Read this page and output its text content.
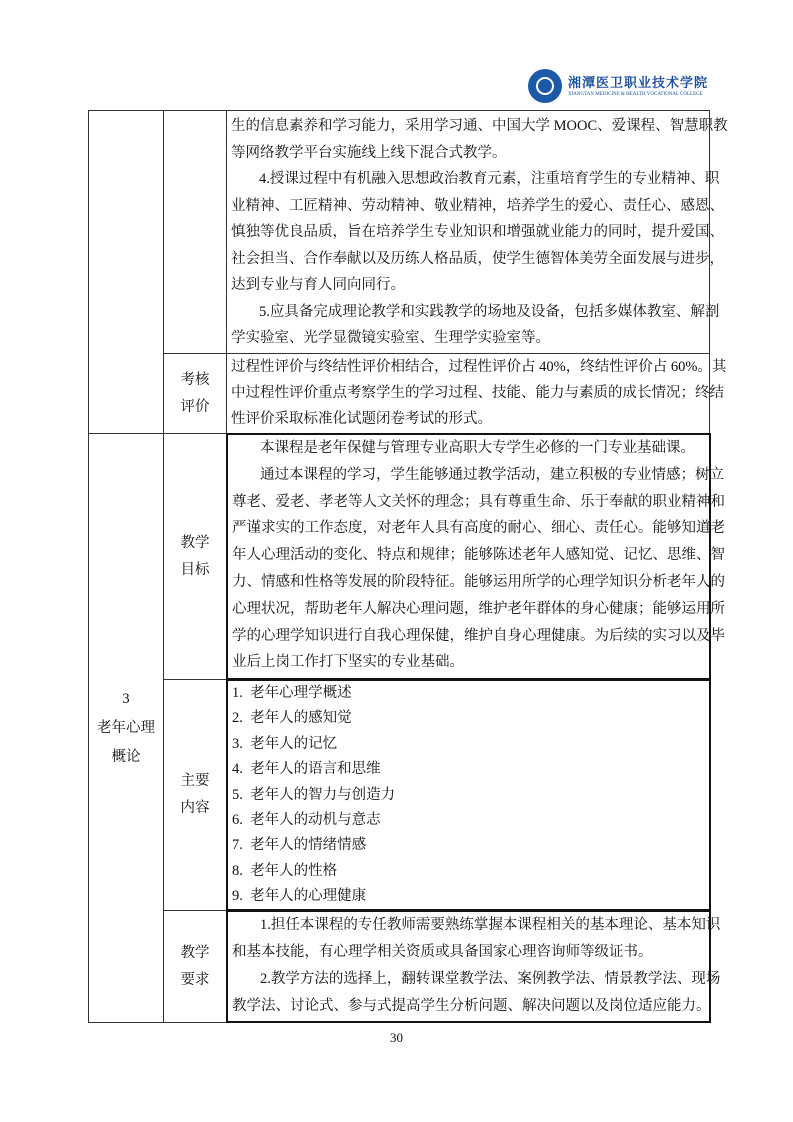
湘潭医卫职业技术学院
XIANGTAN MEDICINE & HEALTH VOCATIONAL COLLEGE
生的信息素养和学习能力，采用学习通、中国大学 MOOC、爱课程、智慧职教
等网络教学平台实施线上线下混合式教学。
4.授课过程中有机融入思想政治教育元素，注重培育学生的专业精神、职
业精神、工匠精神、劳动精神、敬业精神，培养学生的爱心、责任心、感恩、
慎独等优良品质，旨在培养学生专业知识和增强就业能力的同时，提升爱国、
社会担当、合作奉献以及历练人格品质，使学生德智体美劳全面发展与进步，
达到专业与育人同向同行。
5.应具备完成理论教学和实践教学的场地及设备，包括多媒体教室、解剖
学实验室、光学显微镜实验室、生理学实验室等。
考核
评价
过程性评价与终结性评价相结合，过程性评价占 40%，终结性评价占 60%。其
中过程性评价重点考察学生的学习过程、技能、能力与素质的成长情况；终结
性评价采取标准化试题闭卷考试的形式。
3
老年心理
概论
教学
目标
本课程是老年保健与管理专业高职大专学生必修的一门专业基础课。
通过本课程的学习，学生能够通过教学活动，建立积极的专业情感；树立
尊老、爱老、孝老等人文关怀的理念；具有尊重生命、乐于奉献的职业精神和
严谨求实的工作态度，对老年人具有高度的耐心、细心、责任心。能够知道老
年人心理活动的变化、特点和规律；能够陈述老年人感知觉、记忆、思维、智
力、情感和性格等发展的阶段特征。能够运用所学的心理学知识分析老年人的
心理状况，帮助老年人解决心理问题，维护老年群体的身心健康；能够运用所
学的心理学知识进行自我心理保健，维护自身心理健康。为后续的实习以及毕
业后上岗工作打下坚实的专业基础。
主要
内容
1.  老年心理学概述
2.  老年人的感知觉
3.  老年人的记忆
4.  老年人的语言和思维
5.  老年人的智力与创造力
6.  老年人的动机与意志
7.  老年人的情绪情感
8.  老年人的性格
9.  老年人的心理健康
教学
要求
1.担任本课程的专任教师需要熟练掌握本课程相关的基本理论、基本知识
和基本技能，有心理学相关资质或具备国家心理咨询师等级证书。
2.教学方法的选择上，翻转课堂教学法、案例教学法、情景教学法、现场
教学法、讨论式、参与式提高学生分析问题、解决问题以及岗位适应能力。
30
